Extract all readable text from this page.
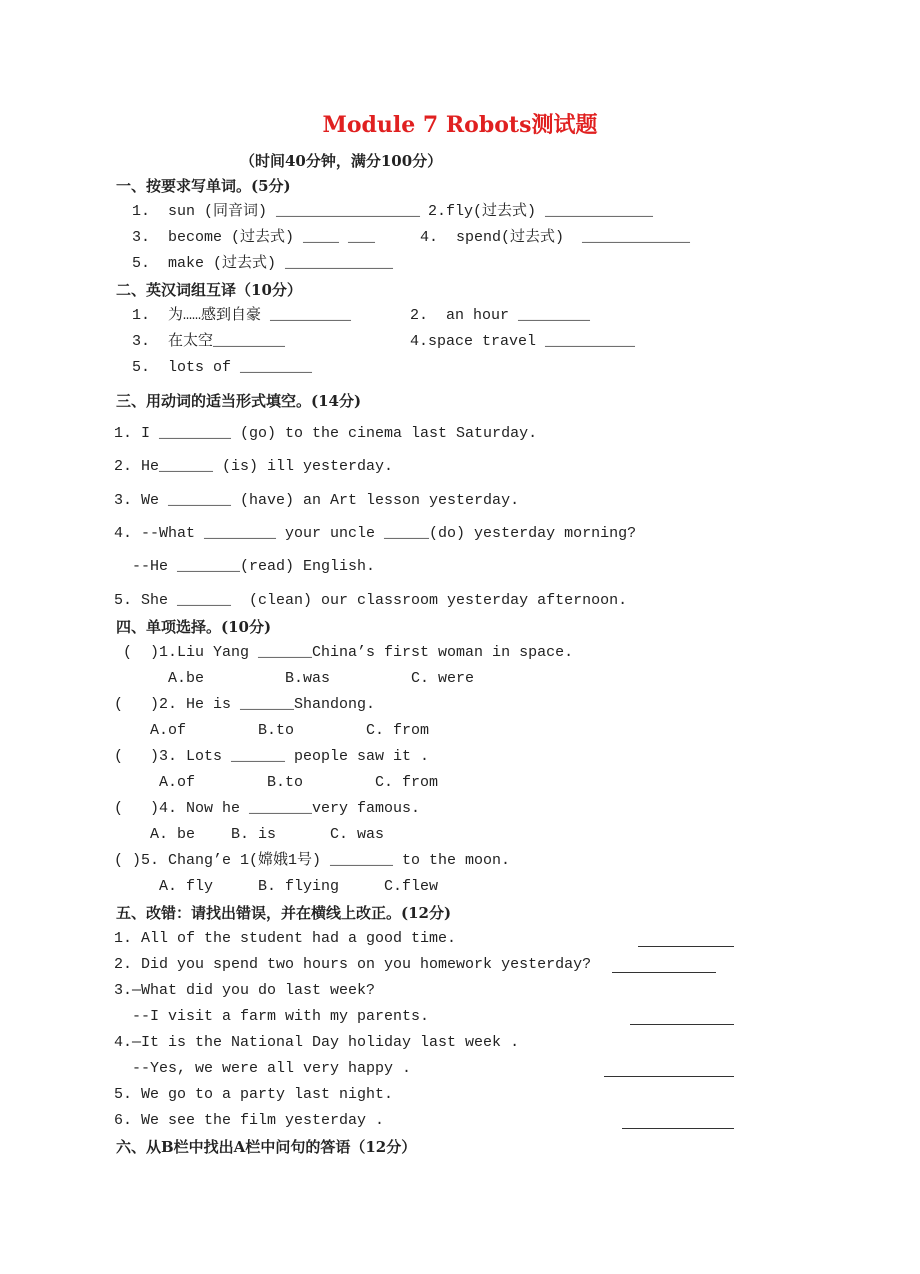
Module 7 Robots测试题
（时间40分钟，满分100分）
一、按要求写单词。(5分)
1.  sun (同音词) ________________ 2.fly(过去式) ____________
3.  become (过去式) ____ ___	4.  spend(过去式)  ____________
5.  make (过去式) ____________
二、英汉词组互译（10分）
1.  为……感到自豪 _________	2.  an hour ________
3.  在太空________	4.space travel __________
5.  lots of ________
三、用动词的适当形式填空。(14分)
1. I ________ (go) to the cinema last Saturday.
2. He______ (is) ill yesterday.
3. We _______ (have) an Art lesson yesterday.
4. --What ________ your uncle _____(do) yesterday morning?
--He _______(read) English.
5. She ______  (clean) our classroom yesterday afternoon.
四、单项选择。(10分)
(  )1.Liu Yang ______China’s first woman in space.
A.be         B.was         C. were
(   )2. He is ______Shandong.
A.of        B.to        C. from
(   )3. Lots ______ people saw it .
A.of        B.to        C. from
(   )4. Now he _______very famous.
A. be    B. is      C. was
( )5. Chang’e 1(嫦娥1号) _______ to the moon.
A. fly     B. flying     C.flew
五、改错：请找出错误，并在横线上改正。(12分)
1. All of the student had a good time.
2. Did you spend two hours on you homework yesterday?
3.—What did you do last week?
--I visit a farm with my parents.
4.—It is the National Day holiday last week .
--Yes, we were all very happy .
5. We go to a party last night.
6. We see the film yesterday .
六、从B栏中找出A栏中问句的答语（12分）
